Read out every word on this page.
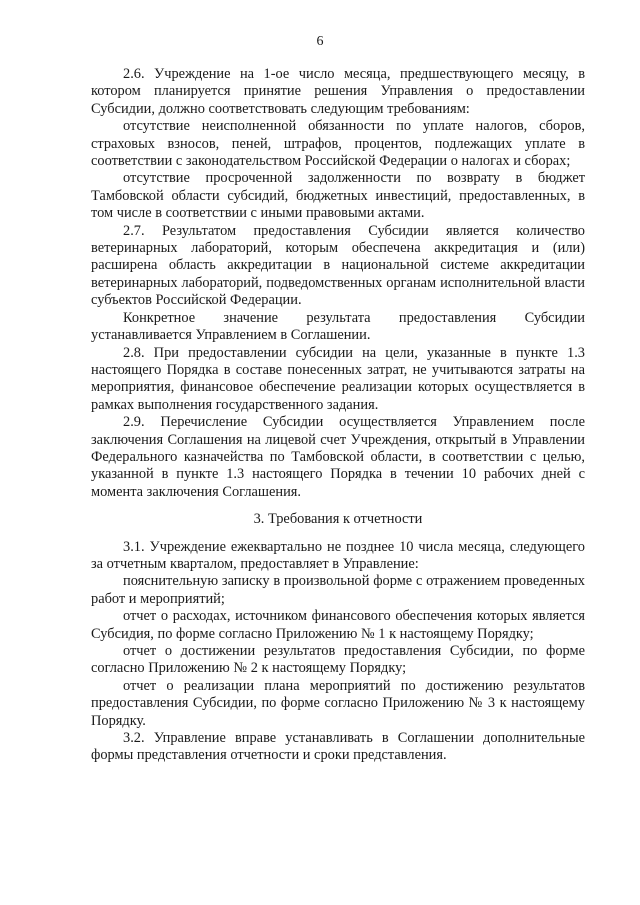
6

2.6. Учреждение на 1-ое число месяца, предшествующего месяцу, в котором планируется принятие решения Управления о предоставлении Субсидии, должно соответствовать следующим требованиям:

отсутствие неисполненной обязанности по уплате налогов, сборов, страховых взносов, пеней, штрафов, процентов, подлежащих уплате в соответствии с законодательством Российской Федерации о налогах и сборах;

отсутствие просроченной задолженности по возврату в бюджет Тамбовской области субсидий, бюджетных инвестиций, предоставленных, в том числе в соответствии с иными правовыми актами.

2.7. Результатом предоставления Субсидии является количество ветеринарных лабораторий, которым обеспечена аккредитация и (или) расширена область аккредитации в национальной системе аккредитации ветеринарных лабораторий, подведомственных органам исполнительной власти субъектов Российской Федерации.

Конкретное значение результата предоставления Субсидии устанавливается Управлением в Соглашении.

2.8. При предоставлении субсидии на цели, указанные в пункте 1.3 настоящего Порядка в составе понесенных затрат, не учитываются затраты на мероприятия, финансовое обеспечение реализации которых осуществляется в рамках выполнения государственного задания.

2.9. Перечисление Субсидии осуществляется Управлением после заключения Соглашения на лицевой счет Учреждения, открытый в Управлении Федерального казначейства по Тамбовской области, в соответствии с целью, указанной в пункте 1.3 настоящего Порядка в течении 10 рабочих дней с момента заключения Соглашения.

3. Требования к отчетности

3.1. Учреждение ежеквартально не позднее 10 числа месяца, следующего за отчетным кварталом, предоставляет в Управление:

пояснительную записку в произвольной форме с отражением проведенных работ и мероприятий;

отчет о расходах, источником финансового обеспечения которых является Субсидия, по форме согласно Приложению № 1 к настоящему Порядку;

отчет о достижении результатов предоставления Субсидии, по форме согласно Приложению № 2 к настоящему Порядку;

отчет о реализации плана мероприятий по достижению результатов предоставления Субсидии, по форме согласно Приложению № 3 к настоящему Порядку.

3.2. Управление вправе устанавливать в Соглашении дополнительные формы представления отчетности и сроки представления.
